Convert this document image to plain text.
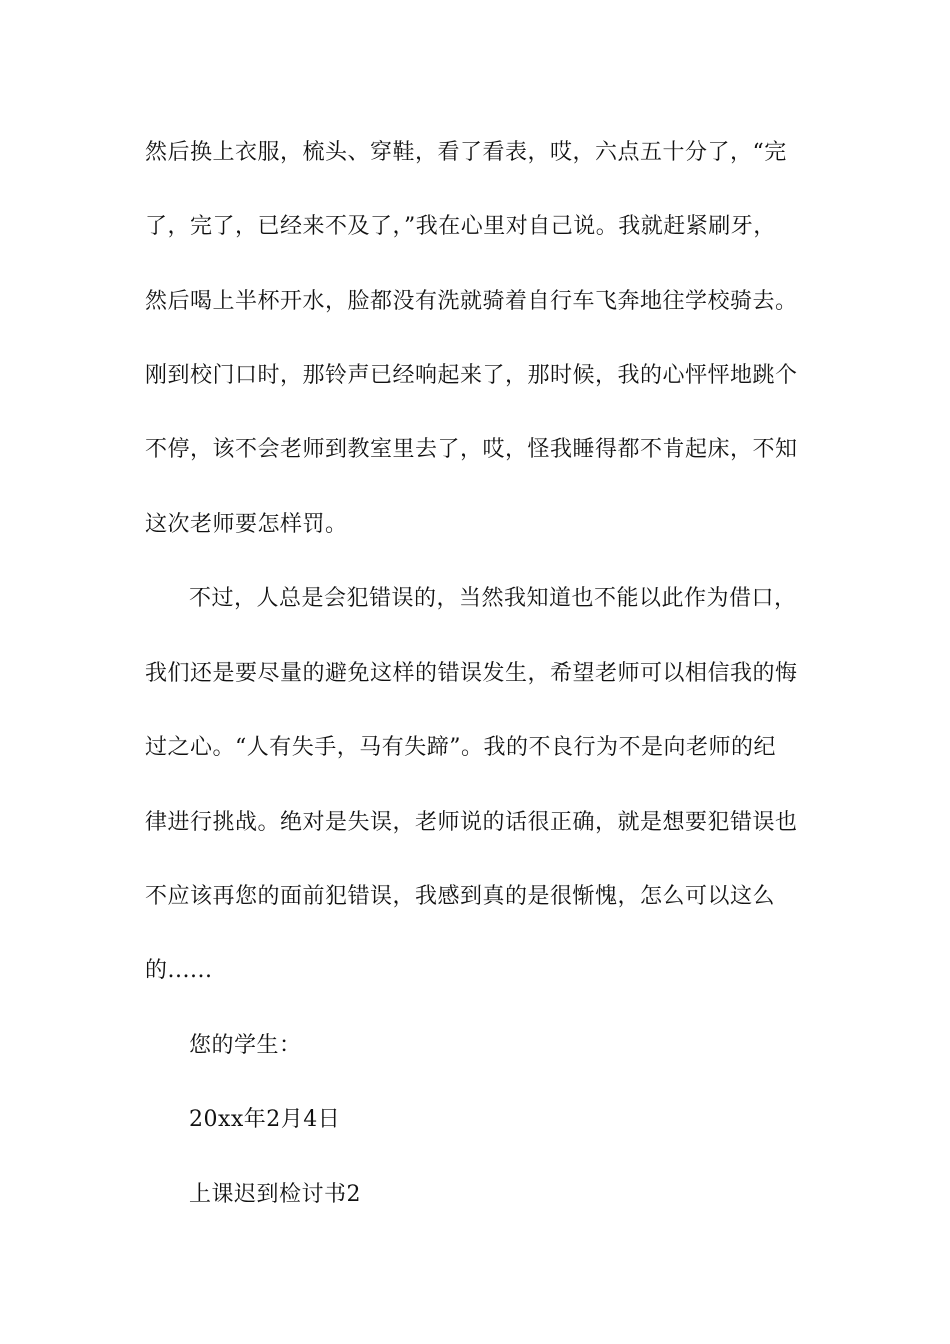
然后换上衣服，梳头、穿鞋，看了看表，哎，六点五十分了，“完
了，完了，已经来不及了，”我在心里对自己说。我就赶紧刷牙，
然后喝上半杯开水，脸都没有洗就骑着自行车飞奔地往学校骑去。
刚到校门口时，那铃声已经响起来了，那时候，我的心怦怦地跳个
不停，该不会老师到教室里去了，哎，怪我睡得都不肯起床，不知
这次老师要怎样罚。
不过，人总是会犯错误的，当然我知道也不能以此作为借口，
我们还是要尽量的避免这样的错误发生，希望老师可以相信我的悔
过之心。“人有失手，马有失蹄”。我的不良行为不是向老师的纪
律进行挑战。绝对是失误，老师说的话很正确，就是想要犯错误也
不应该再您的面前犯错误，我感到真的是很惭愧，怎么可以这么
的......
您的学生：
20xx年2月4日
上课迟到检讨书2
